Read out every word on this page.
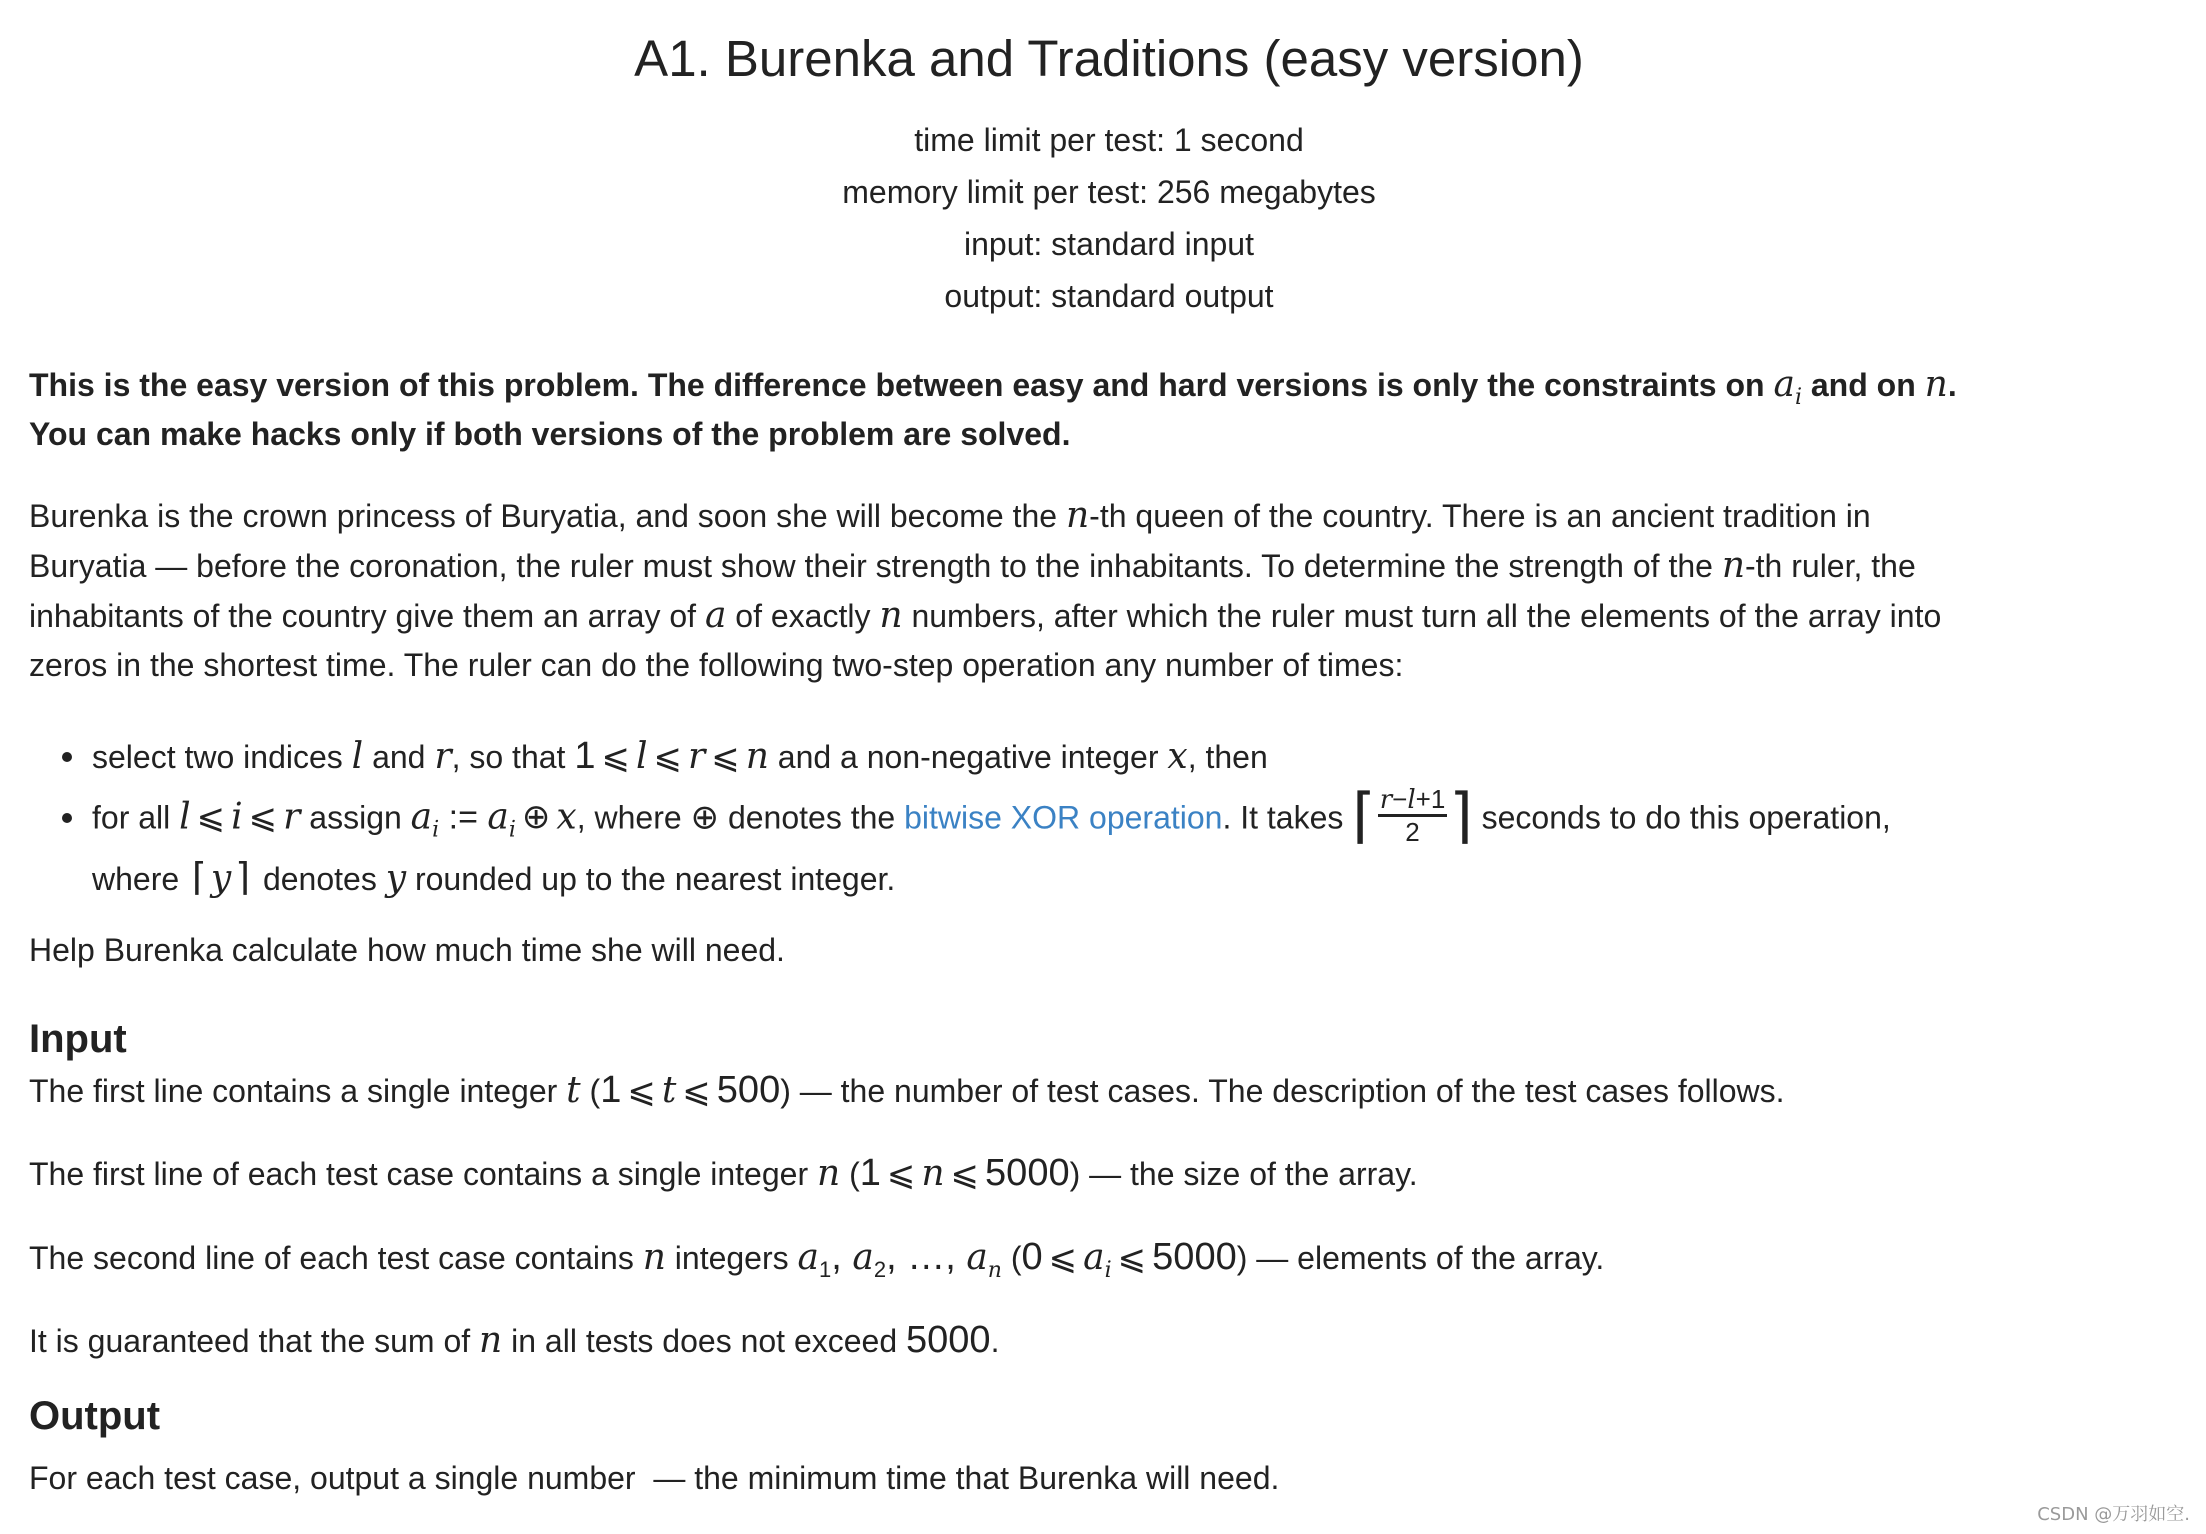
A1. Burenka and Traditions (easy version)
time limit per test: 1 second
memory limit per test: 256 megabytes
input: standard input
output: standard output
This is the easy version of this problem. The difference between easy and hard versions is only the constraints on $a_i$ and on n.
You can make hacks only if both versions of the problem are solved.
Burenka is the crown princess of Buryatia, and soon she will become the n-th queen of the country. There is an ancient tradition in
Buryatia — before the coronation, the ruler must show their strength to the inhabitants. To determine the strength of the n-th ruler, the
inhabitants of the country give them an array of a of exactly n numbers, after which the ruler must turn all the elements of the array into
zeros in the shortest time. The ruler can do the following two-step operation any number of times:
select two indices l and r, so that 1 ⩽ l ⩽ r ⩽ n and a non-negative integer x, then
for all l ⩽ i ⩽ r assign $a_i$ := $a_i$ ⊕ x, where ⊕ denotes the bitwise XOR operation. It takes ⌈ $\frac{r-l+1}{2}$ ⌉ seconds to do this operation,
where ⌈ y ⌉ denotes y rounded up to the nearest integer.
Help Burenka calculate how much time she will need.
Input
The first line contains a single integer t (1 ⩽ t ⩽ 500) — the number of test cases. The description of the test cases follows.
The first line of each test case contains a single integer n (1 ⩽ n ⩽ 5000) — the size of the array.
The second line of each test case contains n integers $a_1$, $a_2$, …, $a_n$ (0 ⩽ $a_i$ ⩽ 5000) — elements of the array.
It is guaranteed that the sum of n in all tests does not exceed 5000.
Output
For each test case, output a single number  — the minimum time that Burenka will need.
CSDN @万羽如空.
